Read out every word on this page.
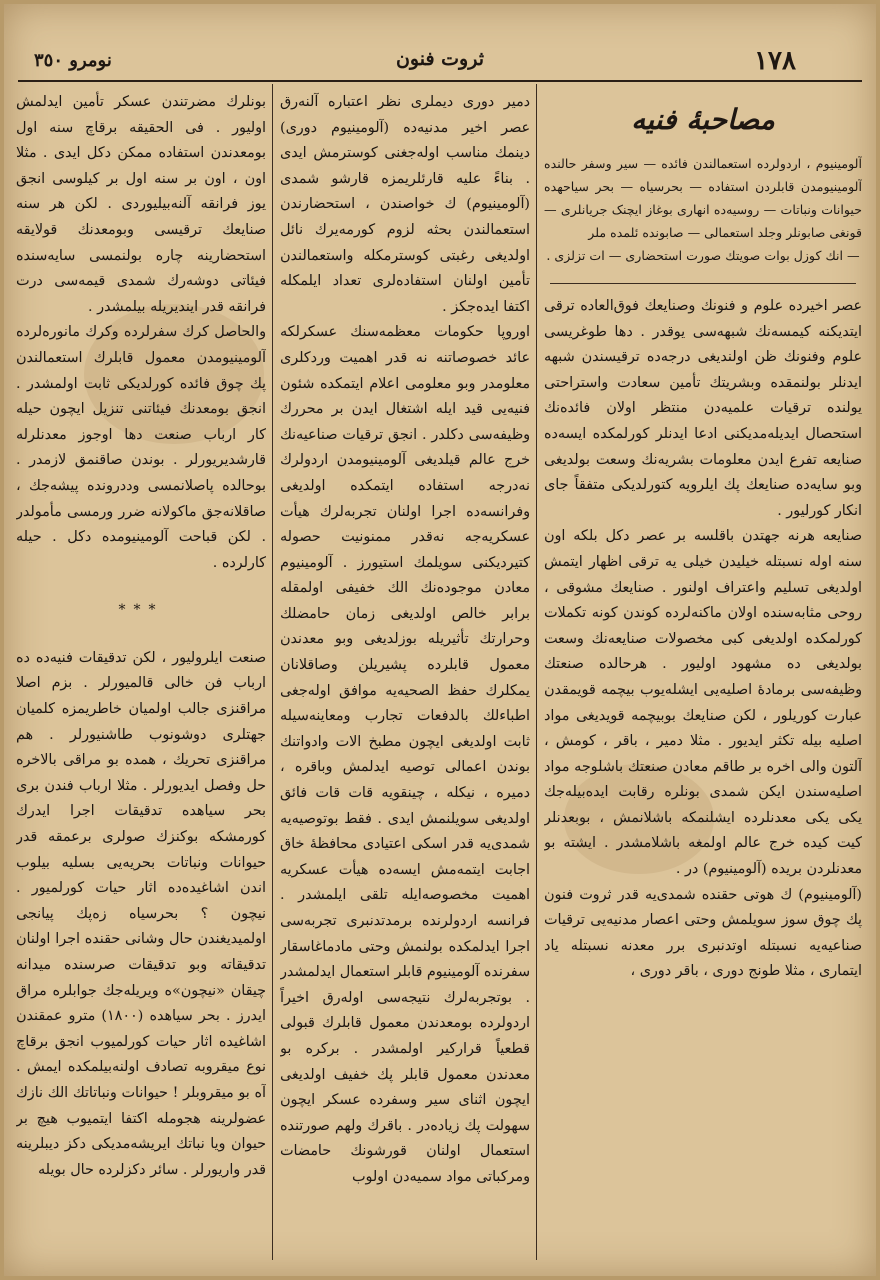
١٧٨
ثروت فنون
نومرو ٣٥٠
مصاحبهٔ فنیه

آلومینیوم ، اردولرده استعمالندن فائده — سیر وسفر حالنده آلومینیومدن قابلردن استفاده — بحرسیاه — بحر سیاحهده حیوانات ونباتات — روسیه‌ده انهاری بوغاز ایچنک جریانلری — قونغی صابونلر وجلد استعمالی — صابونده ئلمده ملر

— انك كوزل بوات صويتك صورت استحضاری — ات تزلزی .

عصر اخیرده علوم و فنونك وصنایعك فوق‌العاده ترقی ایتدیکنه کیمسه‌نك شبهه‌سی یوقدر . دها طوغریسی علوم وفنونك ظن اولندیغی درجه‌ده ترقیسندن شبهه ایدنلر بولنمقده وبشریتك تأمین سعادت واستراحتی یولنده ترقیات علمیه‌دن منتظر اولان فائده‌نك استحصال ایدیله‌مدیکنی ادعا ایدنلر کورلمکده ایسه‌ده صنایعه تفرع ایدن معلومات بشریه‌نك وسعت بولدیغی وبو سایه‌ده صنایعك پك ایلرویه کتورلدیکی متفقاً جای انکار کورلیور .

صنایعه هرنه جهتدن باقلسه بر عصر دكل بلکه اون سنه اوله نسبتله خیلیدن خیلی یه ترقی اظهار ایتمش اولدیغی تسلیم واعتراف اولنور . صنایعك مشوقی ، روحی مثابه‌سنده اولان ماکنه‌لرده کوندن کونه تکملات کورلمکده اولدیغی کبی مخصولات صنایعه‌نك وسعت بولدیغی ده مشهود اولیور . هرحالده صنعتك وظیفه‌سی برمادهٔ اصلیه‌یی ایشله‌یوب بیچمه قویمقدن عبارت کوریلور ، لکن صنایعك بوبیچمه قویدیغی مواد اصلیه بیله تکثر ایدیور . مثلا دمیر ، باقر ، کومش ، آلتون والی اخره بر طاقم معادن صنعتك باشلوجه مواد اصلیه‌سندن ایکن شمدی بونلره رقابت ایده‌بیله‌جك یکی یکی معدنلرده ایشلنمکه باشلانمش ، بوبعدنلر کیت کیده خرج عالم اولمغه باشلامشدر . ایشته بو معدنلردن بریده (آلومینیوم) در .

(آلومینیوم) ك هوتی حقنده شمدی‌یه قدر ثروت فنون پك چوق سوز سویلمش وحتی اعصار مدنیه‌یی ترقیات صناعیه‌یه نسبتله اوتدنبری برر معدنه نسبتله یاد ایتماری ، مثلا طونج دوری ، باقر دوری ،

دمیر دوری دیملری نظر اعتباره آلنه‌رق عصر اخیر مدنیه‌ده (آلومینیوم دوری) دینمك مناسب اوله‌جغنی کوسترمش ایدی . بناءً علیه قارئلریمزه قارشو شمدی (آلومینیوم) ك خواصندن ، استحضارندن استعمالندن بحثه لزوم کورمه‌یرك نائل اولدیغی رغبتی کوسترمکله واستعمالندن تأمین اولنان استفاده‌لری تعداد ایلمکله اکتفا ایده‌جکز .

اوروپا حکومات معظمه‌سنك عسکرلکه عائد خصوصاتنه نه قدر اهمیت وردکلری معلومدر وبو معلومی اعلام ایتمکده شئون فنیه‌یی قید ایله اشتغال ایدن بر محررك وظیفه‌سی دکلدر . انجق ترقیات صناعیه‌نك خرج عالم قیلدیغی آلومینیومدن اردولرك نه‌درجه استفاده ایتمکده اولدیغی وفرانسه‌ده اجرا اولنان تجربه‌لرك هیأت عسکریه‌جه نه‌قدر ممنونیت حصوله کتیردیکنی سویلمك استیورز . آلومینیوم معادن موجوده‌نك الك خفیفی اولمقله برابر خالص اولدیغی زمان حامضلك وحرارتك تأثیریله بوزلدیغی وبو معدندن معمول قابلرده پشیریلن وصاقلانان یمکلرك حفظ الصحیه‌یه موافق اوله‌جغی اطباءلك بالدفعات تجارب ومعاینه‌سیله ثابت اولدیغی ایچون مطبخ الات وادواتنك بوندن اعمالی توصیه ایدلمش وباقره ، دمیره ، نیکله ، چینقویه قات قات فائق اولدیغی سویلنمش ایدی . فقط بوتوصیه‌یه شمدی‌یه قدر اسکی اعتیادی محافظهٔ خاق اجابت ایتمه‌مش ایسه‌ده هیأت عسکریه اهمیت مخصوصه‌ایله تلقی ایلمشدر . فرانسه اردولرنده برمدتدنبری تجربه‌سی اجرا ایدلمکده بولنمش وحتی مادماغاسقار سفرنده آلومینیوم قابلر استعمال ایدلمشدر . بوتجربه‌لرك نتیجه‌سی اوله‌رق اخیراً اردولرده بومعدندن معمول قابلرك قبولی قطعیاً قرارکیر اولمشدر . برکره بو معدندن معمول قابلر پك خفیف اولدیغی ایچون اثنای سیر وسفرده عسکر ایچون سهولت پك زیاده‌در . باقرك ولهم صورتنده استعمال اولنان قورشونك حامضات ومرکباتی مواد سمیه‌دن اولوب

بونلرك مضرتندن عسکر تأمین ایدلمش اولیور . فی الحقیقه برقاچ سنه اول بومعدندن استفاده ممکن دکل ایدی . مثلا اون ، اون بر سنه اول بر کیلوسی انجق یوز فرانقه آلنه‌بیلیوردی . لکن هر سنه صنایعك ترقیسی وبومعدنك قولایقه استحضارینه چاره بولنمسی سایه‌سنده فیئاتی دوشه‌رك شمدی قیمه‌سی درت فرانقه قدر ایندیریله بیلمشدر .

والحاصل کرك سفرلرده وکرك مانوره‌لرده آلومینیومدن معمول قابلرك استعمالندن پك چوق فائده کورلدیکی ثابت اولمشدر . انجق بومعدنك فیئاتنی تنزیل ایچون حیله کار ارباب صنعت دها اوجوز معدنلرله قارشدیریورلر . بوندن صاقنمق لازمدر . بوحالده پاصلانمسی وددرونده پیشه‌جك ، صاقلانه‌جق ماکولانه ضرر ورمسی مأمولدر . لکن قباحت آلومینیومده دکل . حیله کارلرده .

***

صنعت ایلرولیور ، لکن تدقیقات فنیه‌ده ده ارباب فن خالی قالمیورلر . بزم اصلا مراقنزی جالب اولمیان خاطریمزه کلمیان جهتلری دوشونوب طاشنیورلر . هم مراقنزی تحریك ، همده بو مراقی بالاخره حل وفصل ایدیورلر . مثلا ارباب فندن بری بحر سیاهده تدقیقات اجرا ایدرك کورمشکه بوکنزك صولری برعمقه قدر حیوانات ونباتات بحریه‌یی بسلیه بیلوب اندن اشاغیده‌ده اثار حیات کورلمیور . نیچون ؟ بحرسیاه زه‌پك پیانجی اولمیدیغندن حال وشانی حقنده اجرا اولنان تدقیقاته وبو تدقیقات صرسنده میدانه چیقان «نیچون»ه ویریله‌جك جوابلره مراق ایدرز . بحر سیاهده (١٨٠٠) مترو عمقندن اشاغیده اثار حیات کورلمیوب انجق برقاچ نوع میقروبه تصادف اولنه‌بیلمکده ایمش . آه بو میقروبلر ! حیوانات ونباتاتك الك نازك عضولرینه هجومله اکتفا ایتمیوب هیچ بر حیوان ویا نباتك ایریشه‌مدیکی دکز دیبلرینه قدر واریورلر . سائر دکزلرده حال بویله
